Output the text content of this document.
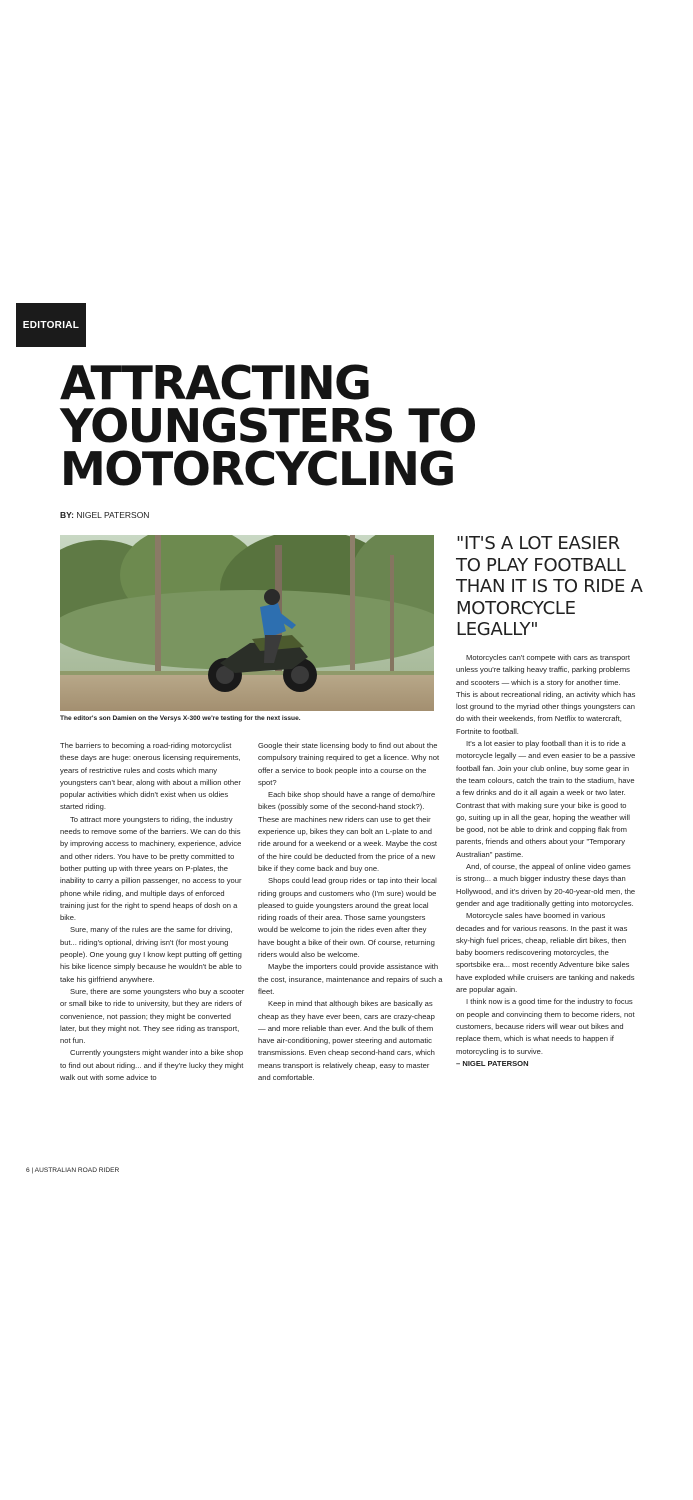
EDITORIAL
ATTRACTING
YOUNGSTERS TO
MOTORCYCLING
BY: NIGEL PATERSON
The editor's son Damien on the Versys X-300 we're testing for the next issue.

The barriers to becoming a road-riding motorcyclist these days are huge: onerous licensing requirements, years of restrictive rules and costs which many youngsters can't bear, along with about a million other popular activities which didn't exist when us oldies started riding.

To attract more youngsters to riding, the industry needs to remove some of the barriers. We can do this by improving access to machinery, experience, advice and other riders. You have to be pretty committed to bother putting up with three years on P-plates, the inability to carry a pillion passenger, no access to your phone while riding, and multiple days of enforced training just for the right to spend heaps of dosh on a bike.

Sure, many of the rules are the same for driving, but... riding's optional, driving isn't (for most young people). One young guy I know kept putting off getting his bike licence simply because he wouldn't be able to take his girlfriend anywhere.

Sure, there are some youngsters who buy a scooter or small bike to ride to university, but they are riders of convenience, not passion; they might be converted later, but they might not. They see riding as transport, not fun.

Currently youngsters might wander into a bike shop to find out about riding... and if they're lucky they might walk out with some advice to

Google their state licensing body to find out about the compulsory training required to get a licence. Why not offer a service to book people into a course on the spot?

Each bike shop should have a range of demo/hire bikes (possibly some of the second-hand stock?). These are machines new riders can use to get their experience up, bikes they can bolt an L-plate to and ride around for a weekend or a week. Maybe the cost of the hire could be deducted from the price of a new bike if they come back and buy one.

Shops could lead group rides or tap into their local riding groups and customers who (I'm sure) would be pleased to guide youngsters around the great local riding roads of their area. Those same youngsters would be welcome to join the rides even after they have bought a bike of their own. Of course, returning riders would also be welcome.

Maybe the importers could provide assistance with the cost, insurance, maintenance and repairs of such a fleet.

Keep in mind that although bikes are basically as cheap as they have ever been, cars are crazy-cheap — and more reliable than ever. And the bulk of them have air-conditioning, power steering and automatic transmissions. Even cheap second-hand cars, which means transport is relatively cheap, easy to master and comfortable.

"IT'S A LOT EASIER TO PLAY FOOTBALL THAN IT IS TO RIDE A MOTORCYCLE LEGALLY"

Motorcycles can't compete with cars as transport unless you're talking heavy traffic, parking problems and scooters — which is a story for another time. This is about recreational riding, an activity which has lost ground to the myriad other things youngsters can do with their weekends, from Netflix to watercraft, Fortnite to football.

It's a lot easier to play football than it is to ride a motorcycle legally — and even easier to be a passive football fan. Join your club online, buy some gear in the team colours, catch the train to the stadium, have a few drinks and do it all again a week or two later. Contrast that with making sure your bike is good to go, suiting up in all the gear, hoping the weather will be good, not be able to drink and copping flak from parents, friends and others about your "Temporary Australian" pastime.

And, of course, the appeal of online video games is strong... a much bigger industry these days than Hollywood, and it's driven by 20-40-year-old men, the gender and age traditionally getting into motorcycles.

Motorcycle sales have boomed in various decades and for various reasons. In the past it was sky-high fuel prices, cheap, reliable dirt bikes, then baby boomers rediscovering motorcycles, the sportsbike era... most recently Adventure bike sales have exploded while cruisers are tanking and nakeds are popular again.

I think now is a good time for the industry to focus on people and convincing them to become riders, not customers, because riders will wear out bikes and replace them, which is what needs to happen if motorcycling is to survive.

– NIGEL PATERSON

6 | AUSTRALIAN ROAD RIDER
